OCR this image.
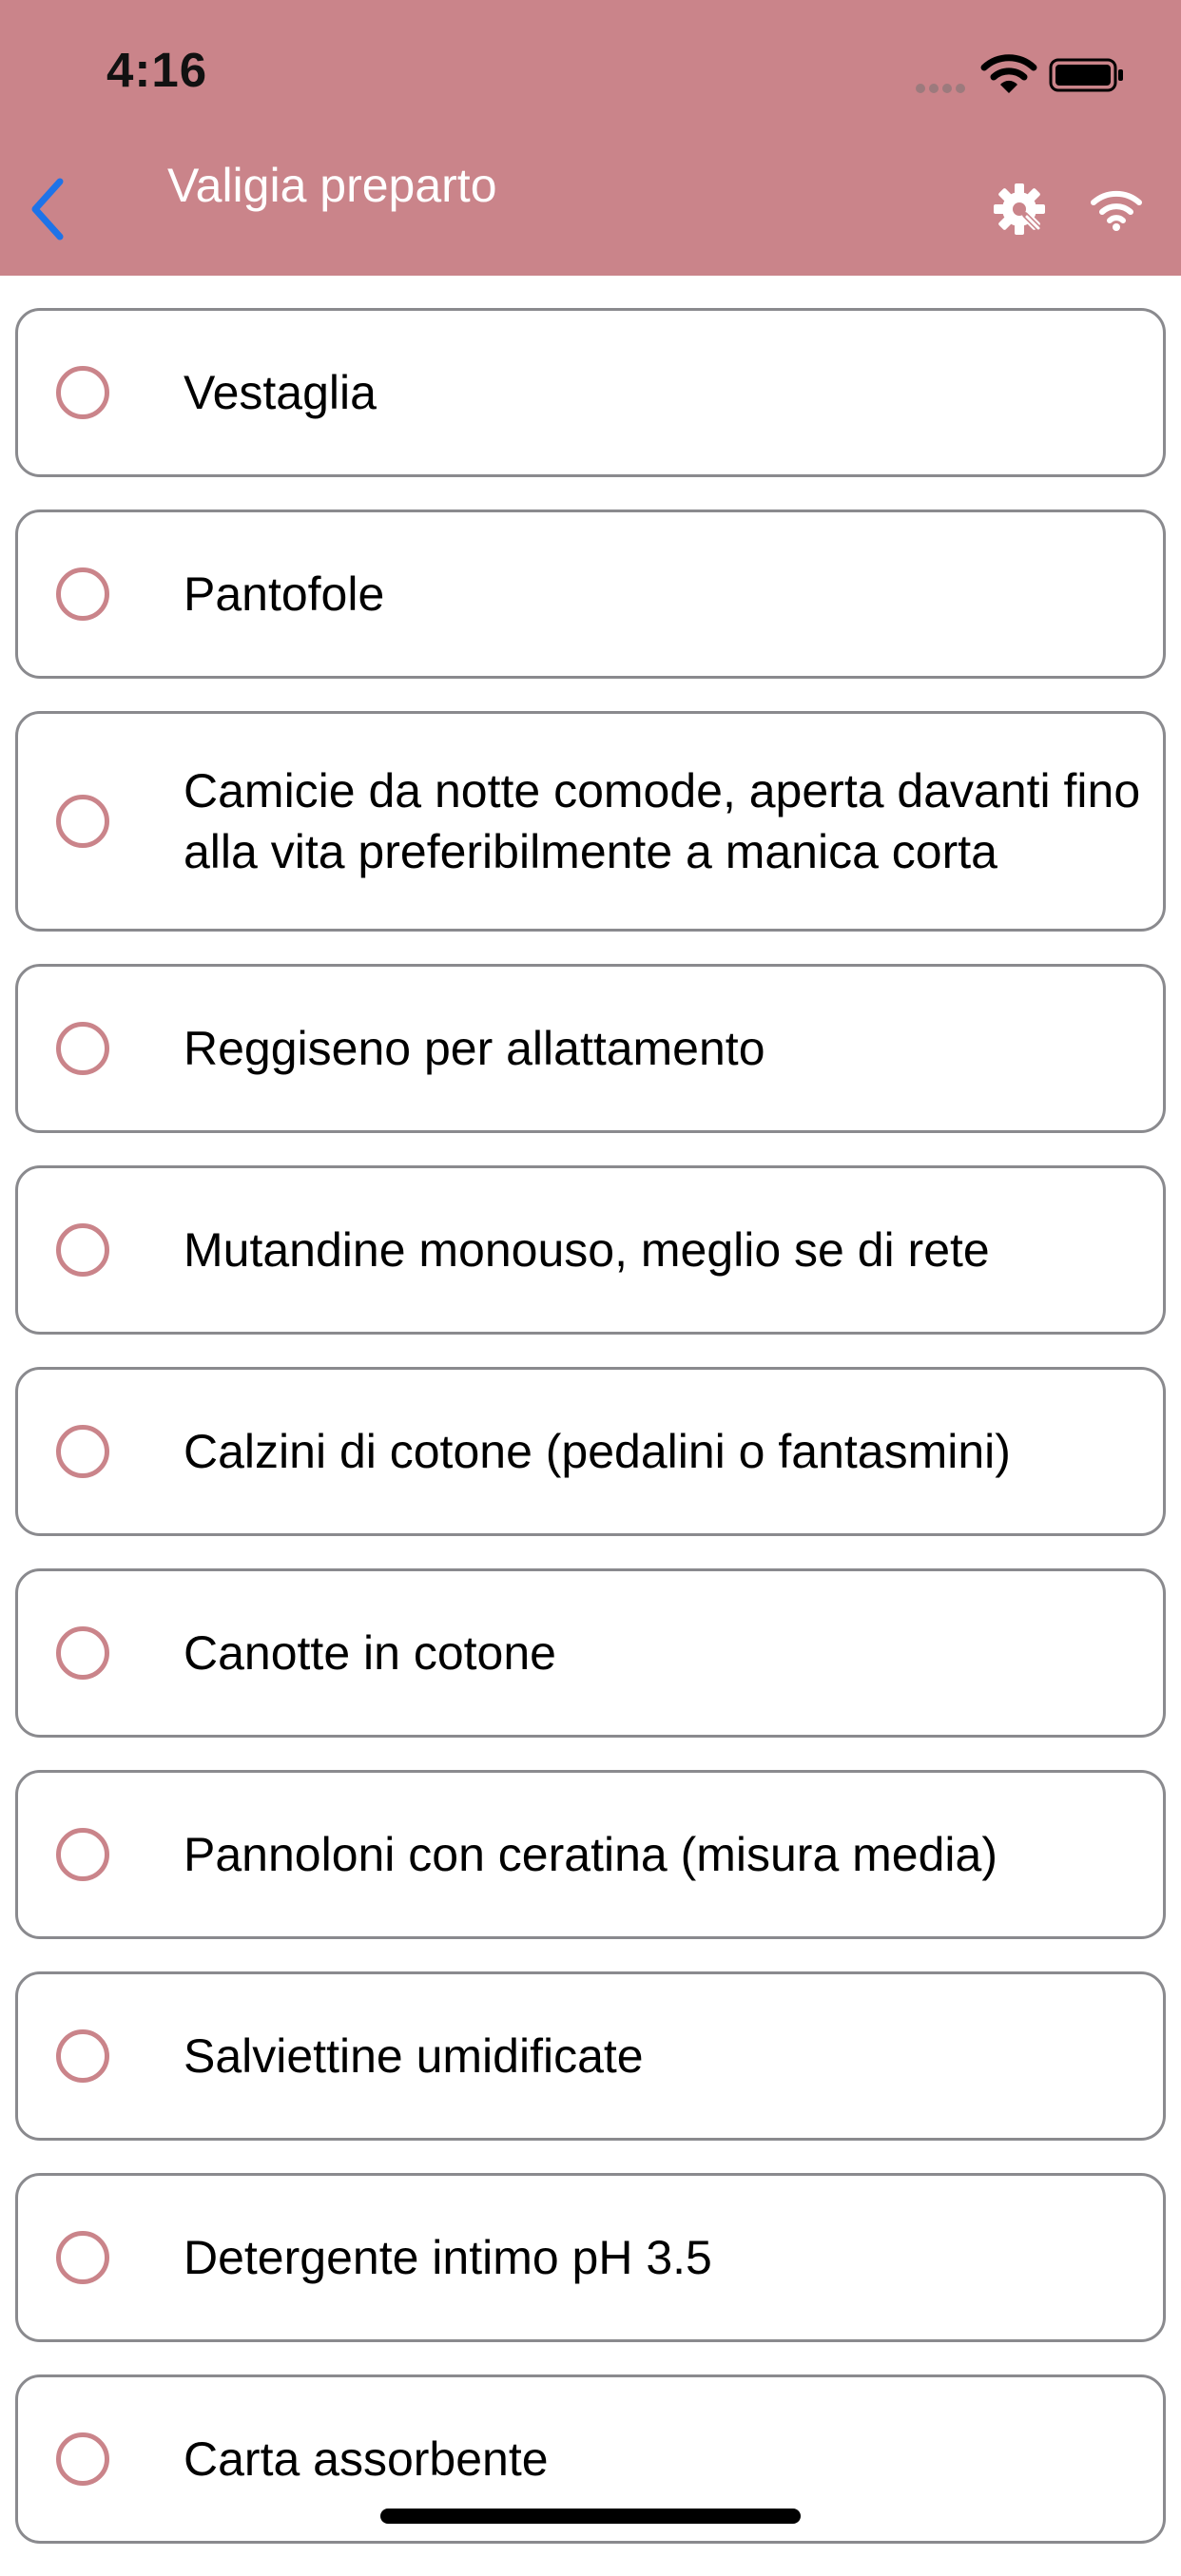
4:16
Valigia preparto
Vestaglia
Pantofole
Camicie da notte comode, aperta davanti fino alla vita preferibilmente a manica corta
Reggiseno per allattamento
Mutandine monouso, meglio se di rete
Calzini di cotone (pedalini o fantasmini)
Canotte in cotone
Pannoloni con ceratina (misura media)
Salviettine umidificate
Detergente intimo pH 3.5
Carta assorbente
